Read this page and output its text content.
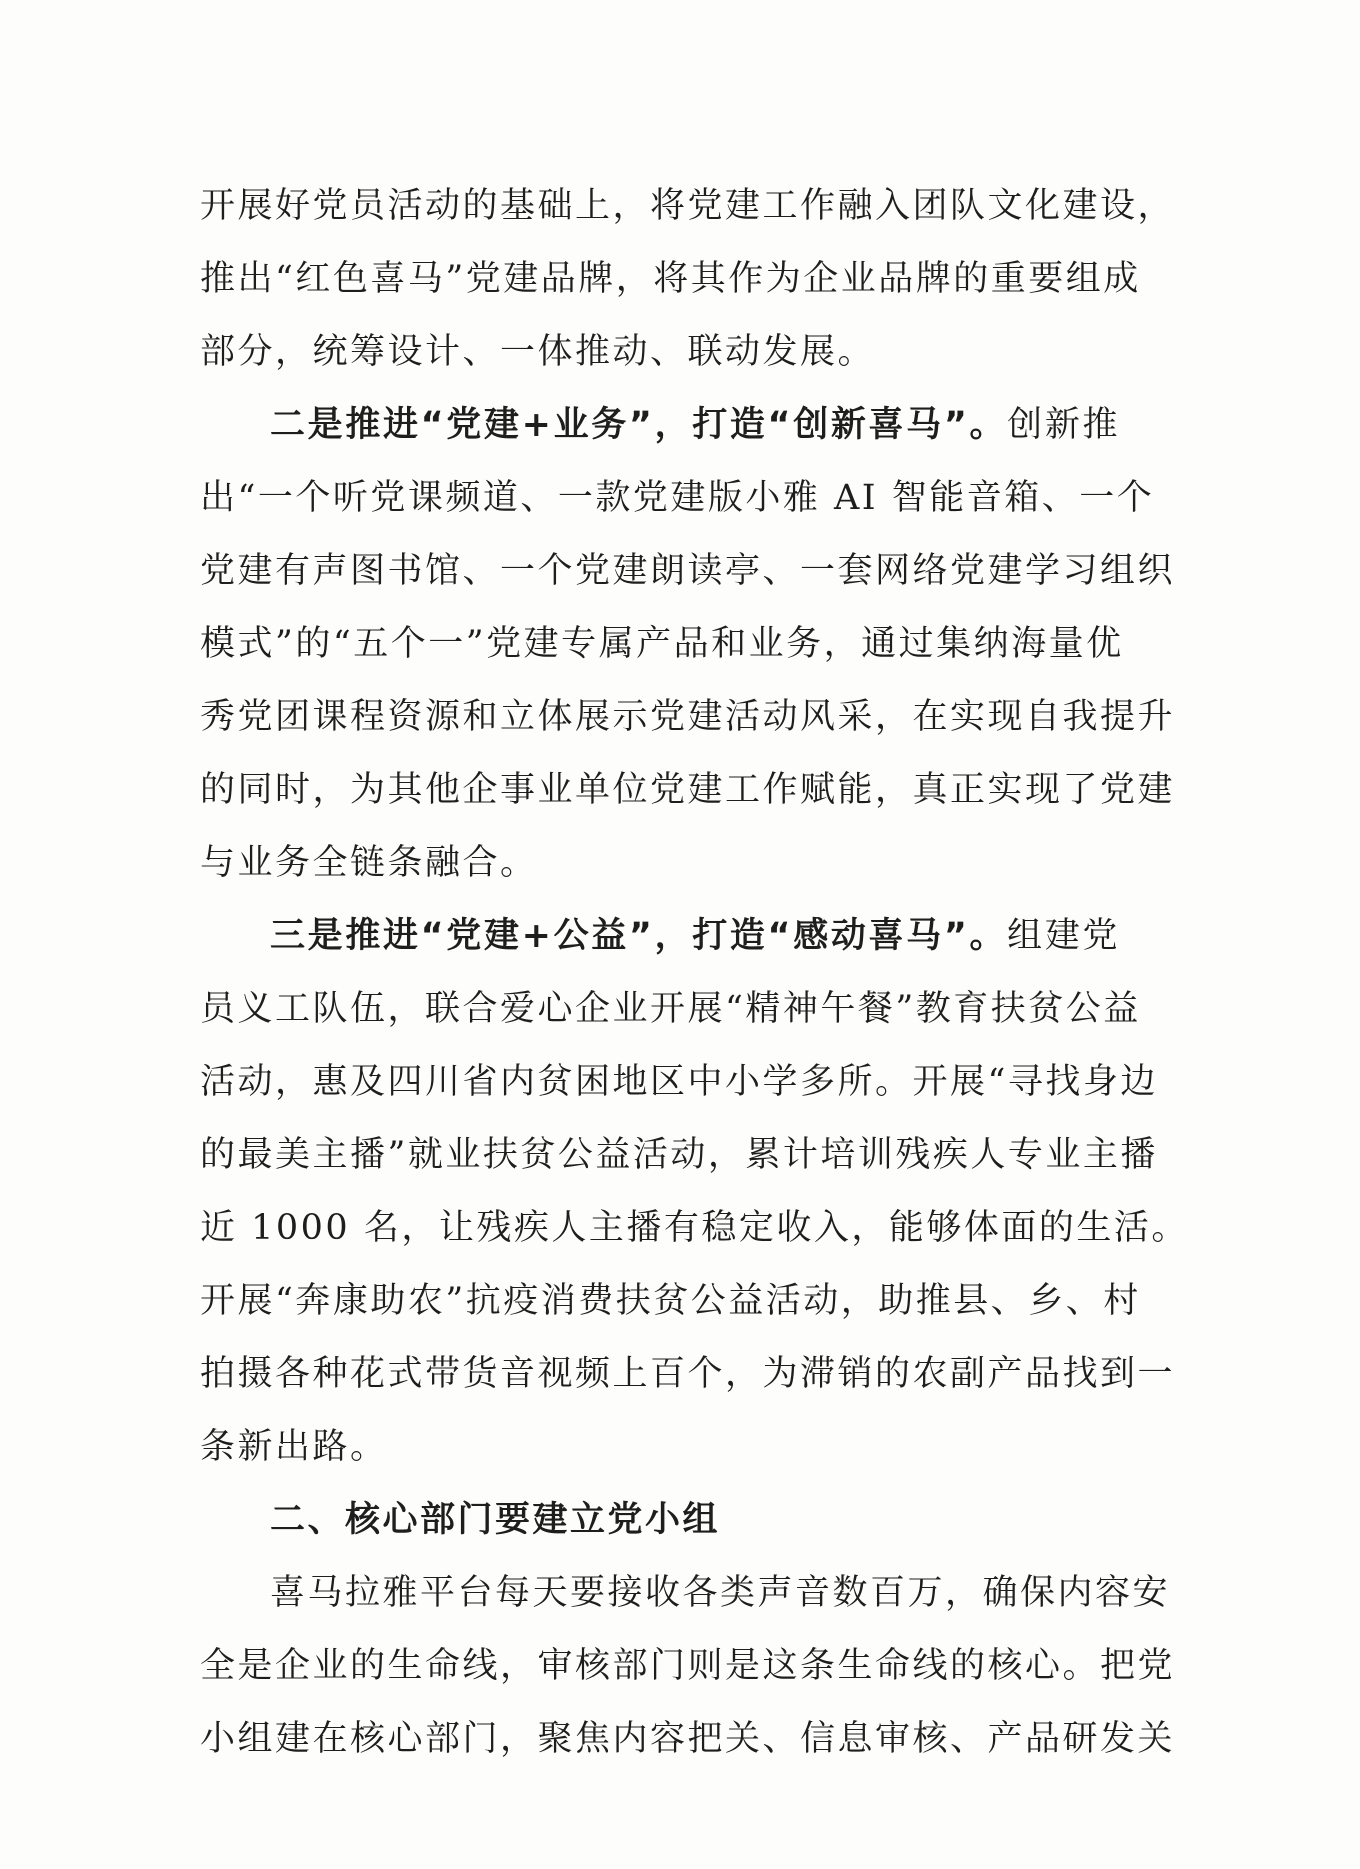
开展好党员活动的基础上，将党建工作融入团队文化建设，
推出“红色喜马”党建品牌，将其作为企业品牌的重要组成
部分，统筹设计、一体推动、联动发展。
二是推进“党建+业务”，打造“创新喜马”。创新推
出“一个听党课频道、一款党建版小雅 AI 智能音箱、一个
党建有声图书馆、一个党建朗读亭、一套网络党建学习组织
模式”的“五个一”党建专属产品和业务，通过集纳海量优
秀党团课程资源和立体展示党建活动风采，在实现自我提升
的同时，为其他企事业单位党建工作赋能，真正实现了党建
与业务全链条融合。
三是推进“党建+公益”，打造“感动喜马”。组建党
员义工队伍，联合爱心企业开展“精神午餐”教育扶贫公益
活动，惠及四川省内贫困地区中小学多所。开展“寻找身边
的最美主播”就业扶贫公益活动，累计培训残疾人专业主播
近 1000 名，让残疾人主播有稳定收入，能够体面的生活。
开展“奔康助农”抗疫消费扶贫公益活动，助推县、乡、村
拍摄各种花式带货音视频上百个，为滞销的农副产品找到一
条新出路。
二、核心部门要建立党小组
喜马拉雅平台每天要接收各类声音数百万，确保内容安
全是企业的生命线，审核部门则是这条生命线的核心。把党
小组建在核心部门，聚焦内容把关、信息审核、产品研发关
